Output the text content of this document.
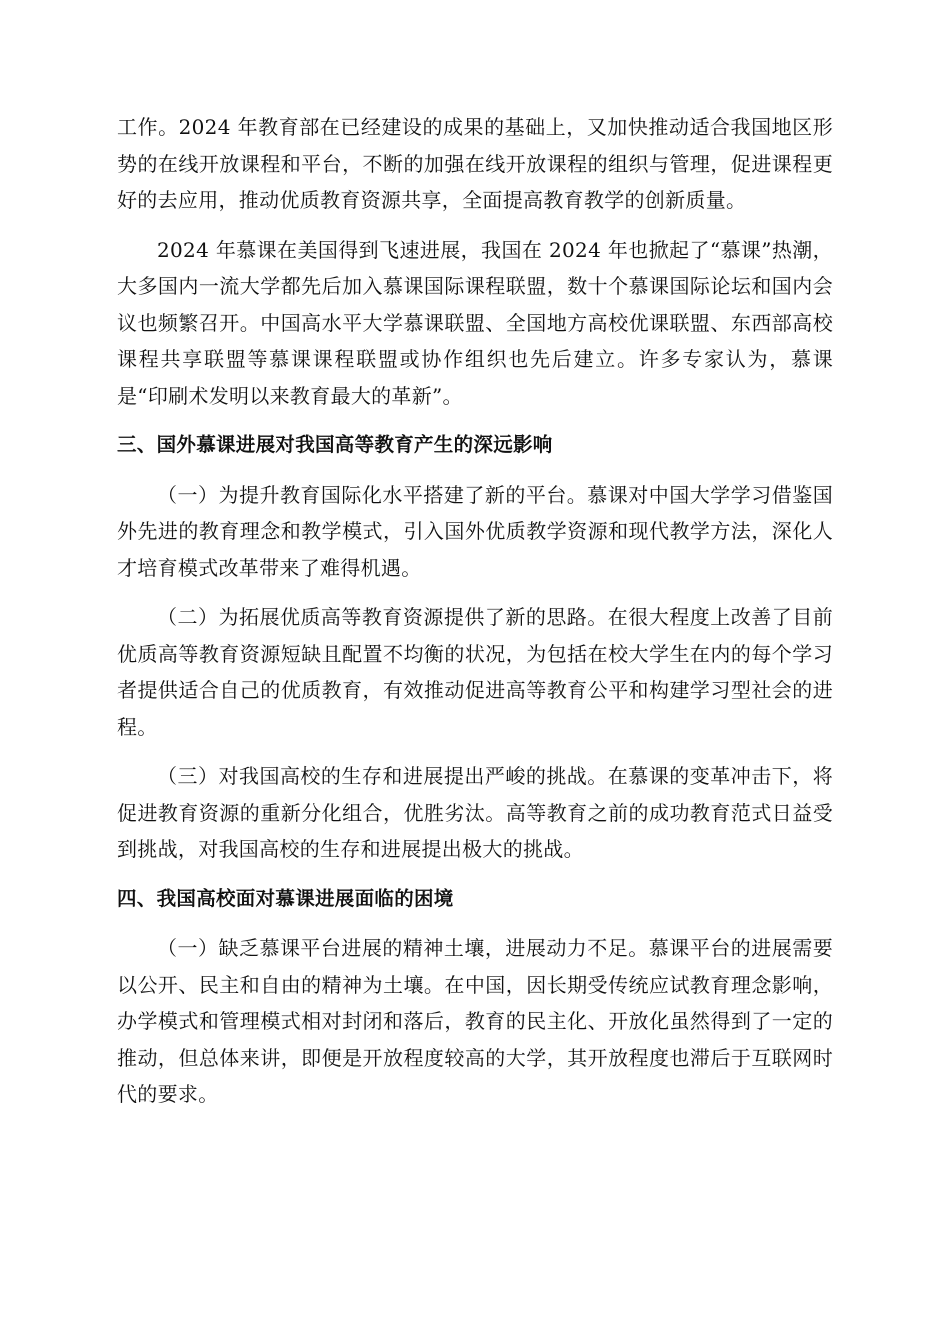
工作。2024 年教育部在已经建设的成果的基础上，又加快推动适合我国地区形势的在线开放课程和平台，不断的加强在线开放课程的组织与管理，促进课程更好的去应用，推动优质教育资源共享，全面提高教育教学的创新质量。

2024 年慕课在美国得到飞速进展，我国在 2024 年也掀起了“慕课”热潮，大多国内一流大学都先后加入慕课国际课程联盟，数十个慕课国际论坛和国内会议也频繁召开。中国高水平大学慕课联盟、全国地方高校优课联盟、东西部高校课程共享联盟等慕课课程联盟或协作组织也先后建立。许多专家认为，慕课是“印刷术发明以来教育最大的革新”。

三、国外慕课进展对我国高等教育产生的深远影响

（一）为提升教育国际化水平搭建了新的平台。慕课对中国大学学习借鉴国外先进的教育理念和教学模式，引入国外优质教学资源和现代教学方法，深化人才培育模式改革带来了难得机遇。

（二）为拓展优质高等教育资源提供了新的思路。在很大程度上改善了目前优质高等教育资源短缺且配置不均衡的状况，为包括在校大学生在内的每个学习者提供适合自己的优质教育，有效推动促进高等教育公平和构建学习型社会的进程。

（三）对我国高校的生存和进展提出严峻的挑战。在慕课的变革冲击下，将促进教育资源的重新分化组合，优胜劣汰。高等教育之前的成功教育范式日益受到挑战，对我国高校的生存和进展提出极大的挑战。

四、我国高校面对慕课进展面临的困境

（一）缺乏慕课平台进展的精神土壤，进展动力不足。慕课平台的进展需要以公开、民主和自由的精神为土壤。在中国，因长期受传统应试教育理念影响，办学模式和管理模式相对封闭和落后，教育的民主化、开放化虽然得到了一定的推动，但总体来讲，即便是开放程度较高的大学，其开放程度也滞后于互联网时代的要求。
